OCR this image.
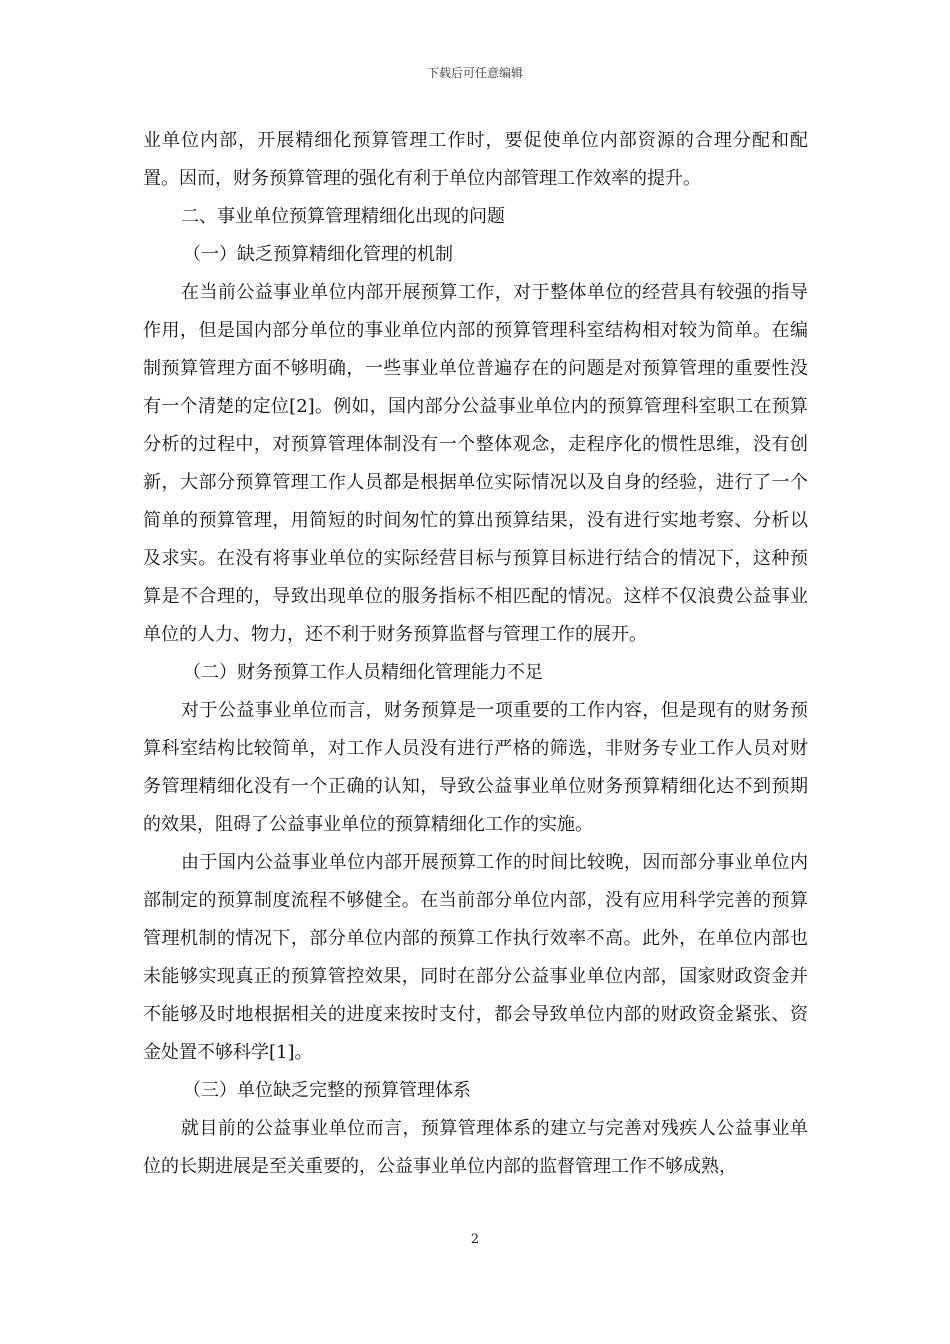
下载后可任意编辑

业单位内部，开展精细化预算管理工作时，要促使单位内部资源的合理分配和配置。因而，财务预算管理的强化有利于单位内部管理工作效率的提升。

二、事业单位预算管理精细化出现的问题

（一）缺乏预算精细化管理的机制

在当前公益事业单位内部开展预算工作，对于整体单位的经营具有较强的指导作用，但是国内部分单位的事业单位内部的预算管理科室结构相对较为简单。在编制预算管理方面不够明确，一些事业单位普遍存在的问题是对预算管理的重要性没有一个清楚的定位[2]。例如，国内部分公益事业单位内的预算管理科室职工在预算分析的过程中，对预算管理体制没有一个整体观念，走程序化的惯性思维，没有创新，大部分预算管理工作人员都是根据单位实际情况以及自身的经验，进行了一个简单的预算管理，用简短的时间匆忙的算出预算结果，没有进行实地考察、分析以及求实。在没有将事业单位的实际经营目标与预算目标进行结合的情况下，这种预算是不合理的，导致出现单位的服务指标不相匹配的情况。这样不仅浪费公益事业单位的人力、物力，还不利于财务预算监督与管理工作的展开。

（二）财务预算工作人员精细化管理能力不足

对于公益事业单位而言，财务预算是一项重要的工作内容，但是现有的财务预算科室结构比较简单，对工作人员没有进行严格的筛选，非财务专业工作人员对财务管理精细化没有一个正确的认知，导致公益事业单位财务预算精细化达不到预期的效果，阻碍了公益事业单位的预算精细化工作的实施。

由于国内公益事业单位内部开展预算工作的时间比较晚，因而部分事业单位内部制定的预算制度流程不够健全。在当前部分单位内部，没有应用科学完善的预算管理机制的情况下，部分单位内部的预算工作执行效率不高。此外，在单位内部也未能够实现真正的预算管控效果，同时在部分公益事业单位内部，国家财政资金并不能够及时地根据相关的进度来按时支付，都会导致单位内部的财政资金紧张、资金处置不够科学[1]。

（三）单位缺乏完整的预算管理体系

就目前的公益事业单位而言，预算管理体系的建立与完善对残疾人公益事业单位的长期进展是至关重要的，公益事业单位内部的监督管理工作不够成熟，

2
